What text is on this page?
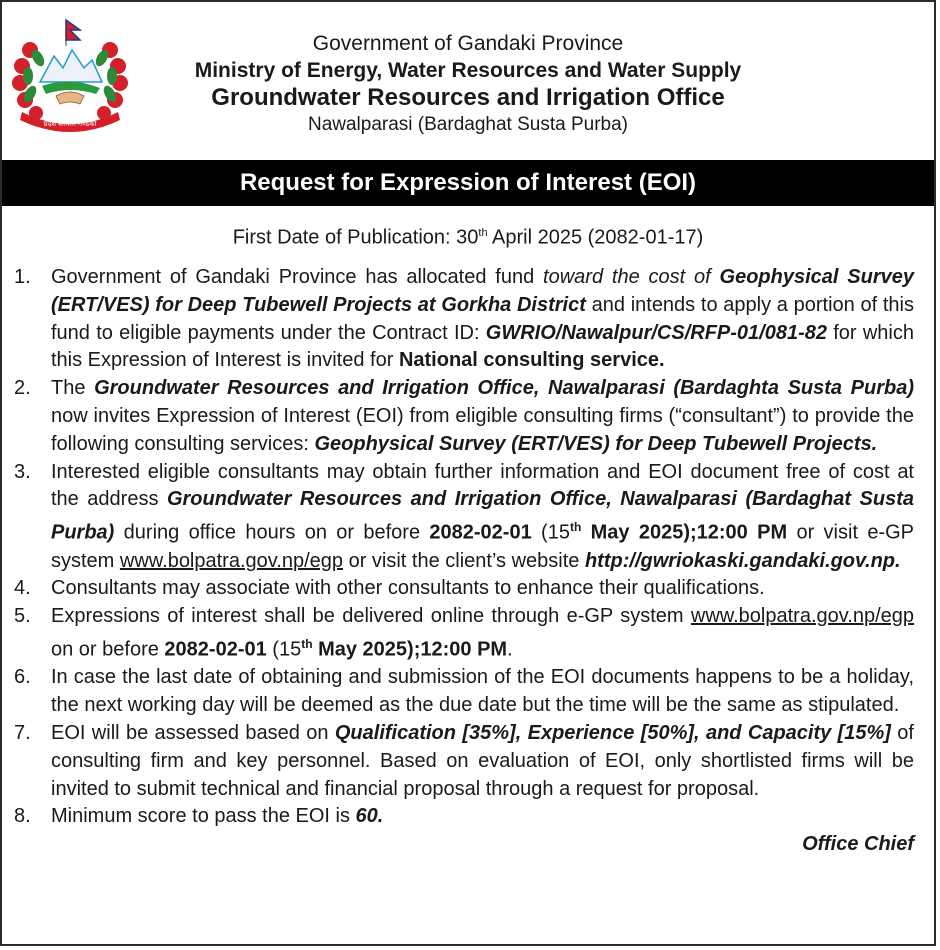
प्रदेश सरकार गण्डकी
Government of Gandaki Province
Ministry of Energy, Water Resources and Water Supply
Groundwater Resources and Irrigation Office
Nawalparasi (Bardaghat Susta Purba)
Request for Expression of Interest (EOI)
First Date of Publication: 30th April 2025 (2082-01-17)
1.	Government of Gandaki Province has allocated fund toward the cost of Geophysical Survey (ERT/VES) for Deep Tubewell Projects at Gorkha District and intends to apply a portion of this fund to eligible payments under the Contract ID: GWRIO/Nawalpur/CS/RFP-01/081-82 for which this Expression of Interest is invited for National consulting service.
2.	The Groundwater Resources and Irrigation Office, Nawalparasi (Bardaghta Susta Purba) now invites Expression of Interest (EOI) from eligible consulting firms (“consultant”) to provide the following consulting services: Geophysical Survey (ERT/VES) for Deep Tubewell Projects.
3.	Interested eligible consultants may obtain further information and EOI document free of cost at the address Groundwater Resources and Irrigation Office, Nawalparasi (Bardaghat Susta Purba) during office hours on or before 2082-02-01 (15th May 2025);12:00 PM or visit e-GP system www.bolpatra.gov.np/egp or visit the client’s website http://gwriokaski.gandaki.gov.np.
4.	Consultants may associate with other consultants to enhance their qualifications.
5.	Expressions of interest shall be delivered online through e-GP system www.bolpatra.gov.np/egp on or before 2082-02-01 (15th May 2025);12:00 PM.
6.	In case the last date of obtaining and submission of the EOI documents happens to be a holiday, the next working day will be deemed as the due date but the time will be the same as stipulated.
7.	EOI will be assessed based on Qualification [35%], Experience [50%], and Capacity [15%] of consulting firm and key personnel. Based on evaluation of EOI, only shortlisted firms will be invited to submit technical and financial proposal through a request for proposal.
8.	Minimum score to pass the EOI is 60.
Office Chief
